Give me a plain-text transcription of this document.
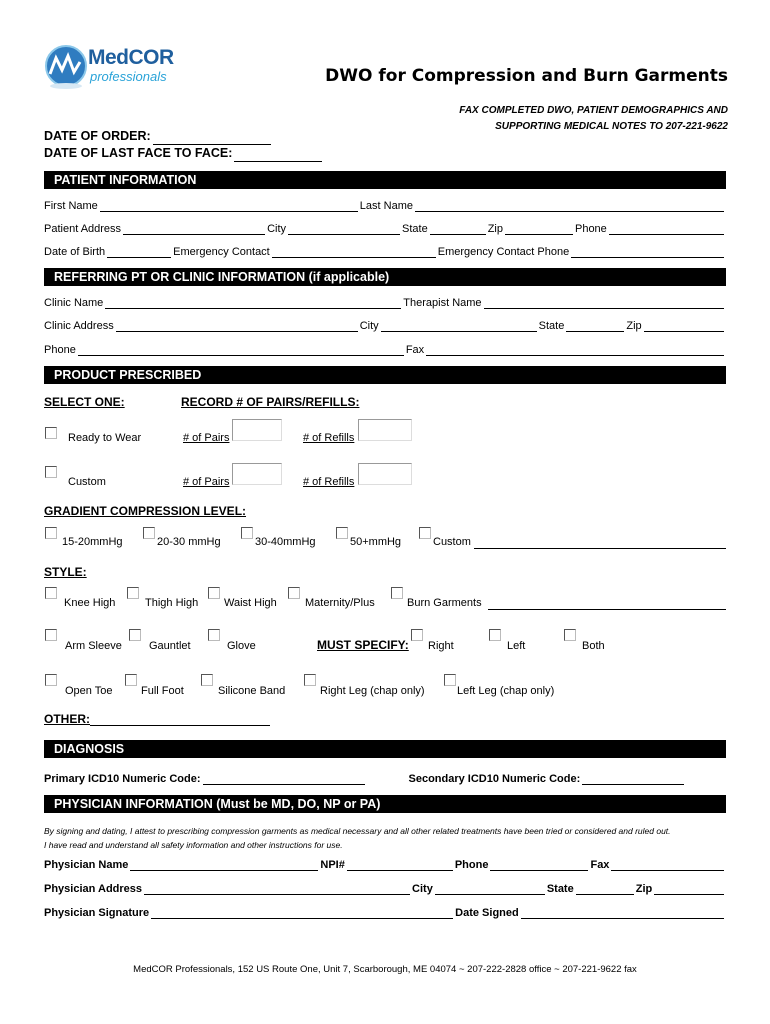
MedCOR
professionals	DWO for Compression and Burn Garments
FAX COMPLETED DWO, PATIENT DEMOGRAPHICS AND
SUPPORTING MEDICAL NOTES TO 207-221-9622
DATE OF ORDER:
DATE OF LAST FACE TO FACE:
PATIENT INFORMATION
First Name	Last Name
Patient Address	City	State	Zip	Phone
Date of Birth	Emergency Contact	Emergency Contact Phone
REFERRING PT OR CLINIC INFORMATION (if applicable)
Clinic Name	Therapist Name
Clinic Address	City	State	Zip
Phone	Fax
PRODUCT PRESCRIBED
SELECT ONE:	RECORD # OF PAIRS/REFILLS:
Ready to Wear	# of Pairs	# of Refills
Custom	# of Pairs	# of Refills
GRADIENT COMPRESSION LEVEL:
15-20mmHg	20-30 mmHg	30-40mmHg	50+mmHg	Custom
STYLE:
Knee High	Thigh High Waist High	Maternity/Plus	Burn Garments
Arm Sleeve Gauntlet	Glove	MUST SPECIFY: Right	Left	Both
Open Toe	Full Foot	Silicone Band	Right Leg (chap only)	Left Leg (chap only)
OTHER:
DIAGNOSIS
Primary ICD10 Numeric Code:	Secondary ICD10 Numeric Code:
PHYSICIAN INFORMATION (Must be MD, DO, NP or PA)
By signing and dating, I attest to prescribing compression garments as medical necessary and all other related treatments have been tried or considered and ruled out.
I have read and understand all safety information and other instructions for use.
Physician Name	NPI#	Phone	Fax
Physician Address	City	State	Zip
Physician Signature	Date Signed
MedCOR Professionals, 152 US Route One, Unit 7, Scarborough, ME 04074 ~ 207-222-2828 office ~ 207-221-9622 fax
